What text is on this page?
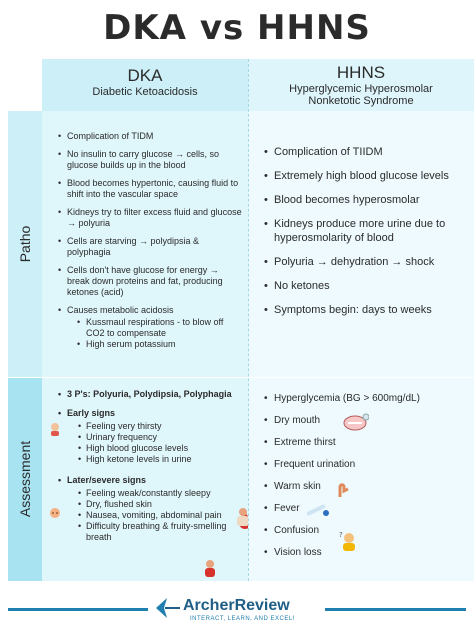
DKA vs HHNS
DKA
Diabetic Ketoacidosis
HHNS
Hyperglycemic Hyperosmolar
Nonketotic Syndrome
Patho
Assessment
• Complication of TIDM
• No insulin to carry glucose → cells, so glucose builds up in the blood
• Blood becomes hypertonic, causing fluid to shift into the vascular space
• Kidneys try to filter excess fluid and glucose → polyuria
• Cells are starving → polydipsia & polyphagia
• Cells don't have glucose for energy → break down proteins and fat, producing ketones (acid)
• Causes metabolic acidosis
• Kussmaul respirations - to blow off CO2 to compensate
• High serum potassium
• Complication of TIIDM
• Extremely high blood glucose levels
• Blood becomes hyperosmolar
• Kidneys produce more urine due to hyperosmolarity of blood
• Polyuria → dehydration → shock
• No ketones
• Symptoms begin: days to weeks
• 3 P's: Polyuria, Polydipsia, Polyphagia
• Early signs
• Feeling very thirsty
• Urinary frequency
• High blood glucose levels
• High ketone levels in urine
• Later/severe signs
• Feeling weak/constantly sleepy
• Dry, flushed skin
• Nausea, vomiting, abdominal pain
• Difficulty breathing & fruity-smelling breath
• Hyperglycemia (BG > 600mg/dL)
• Dry mouth
• Extreme thirst
• Frequent urination
• Warm skin
• Fever
• Confusion
• Vision loss
?
ArcherReview
INTERACT, LEARN, AND EXCEL!
